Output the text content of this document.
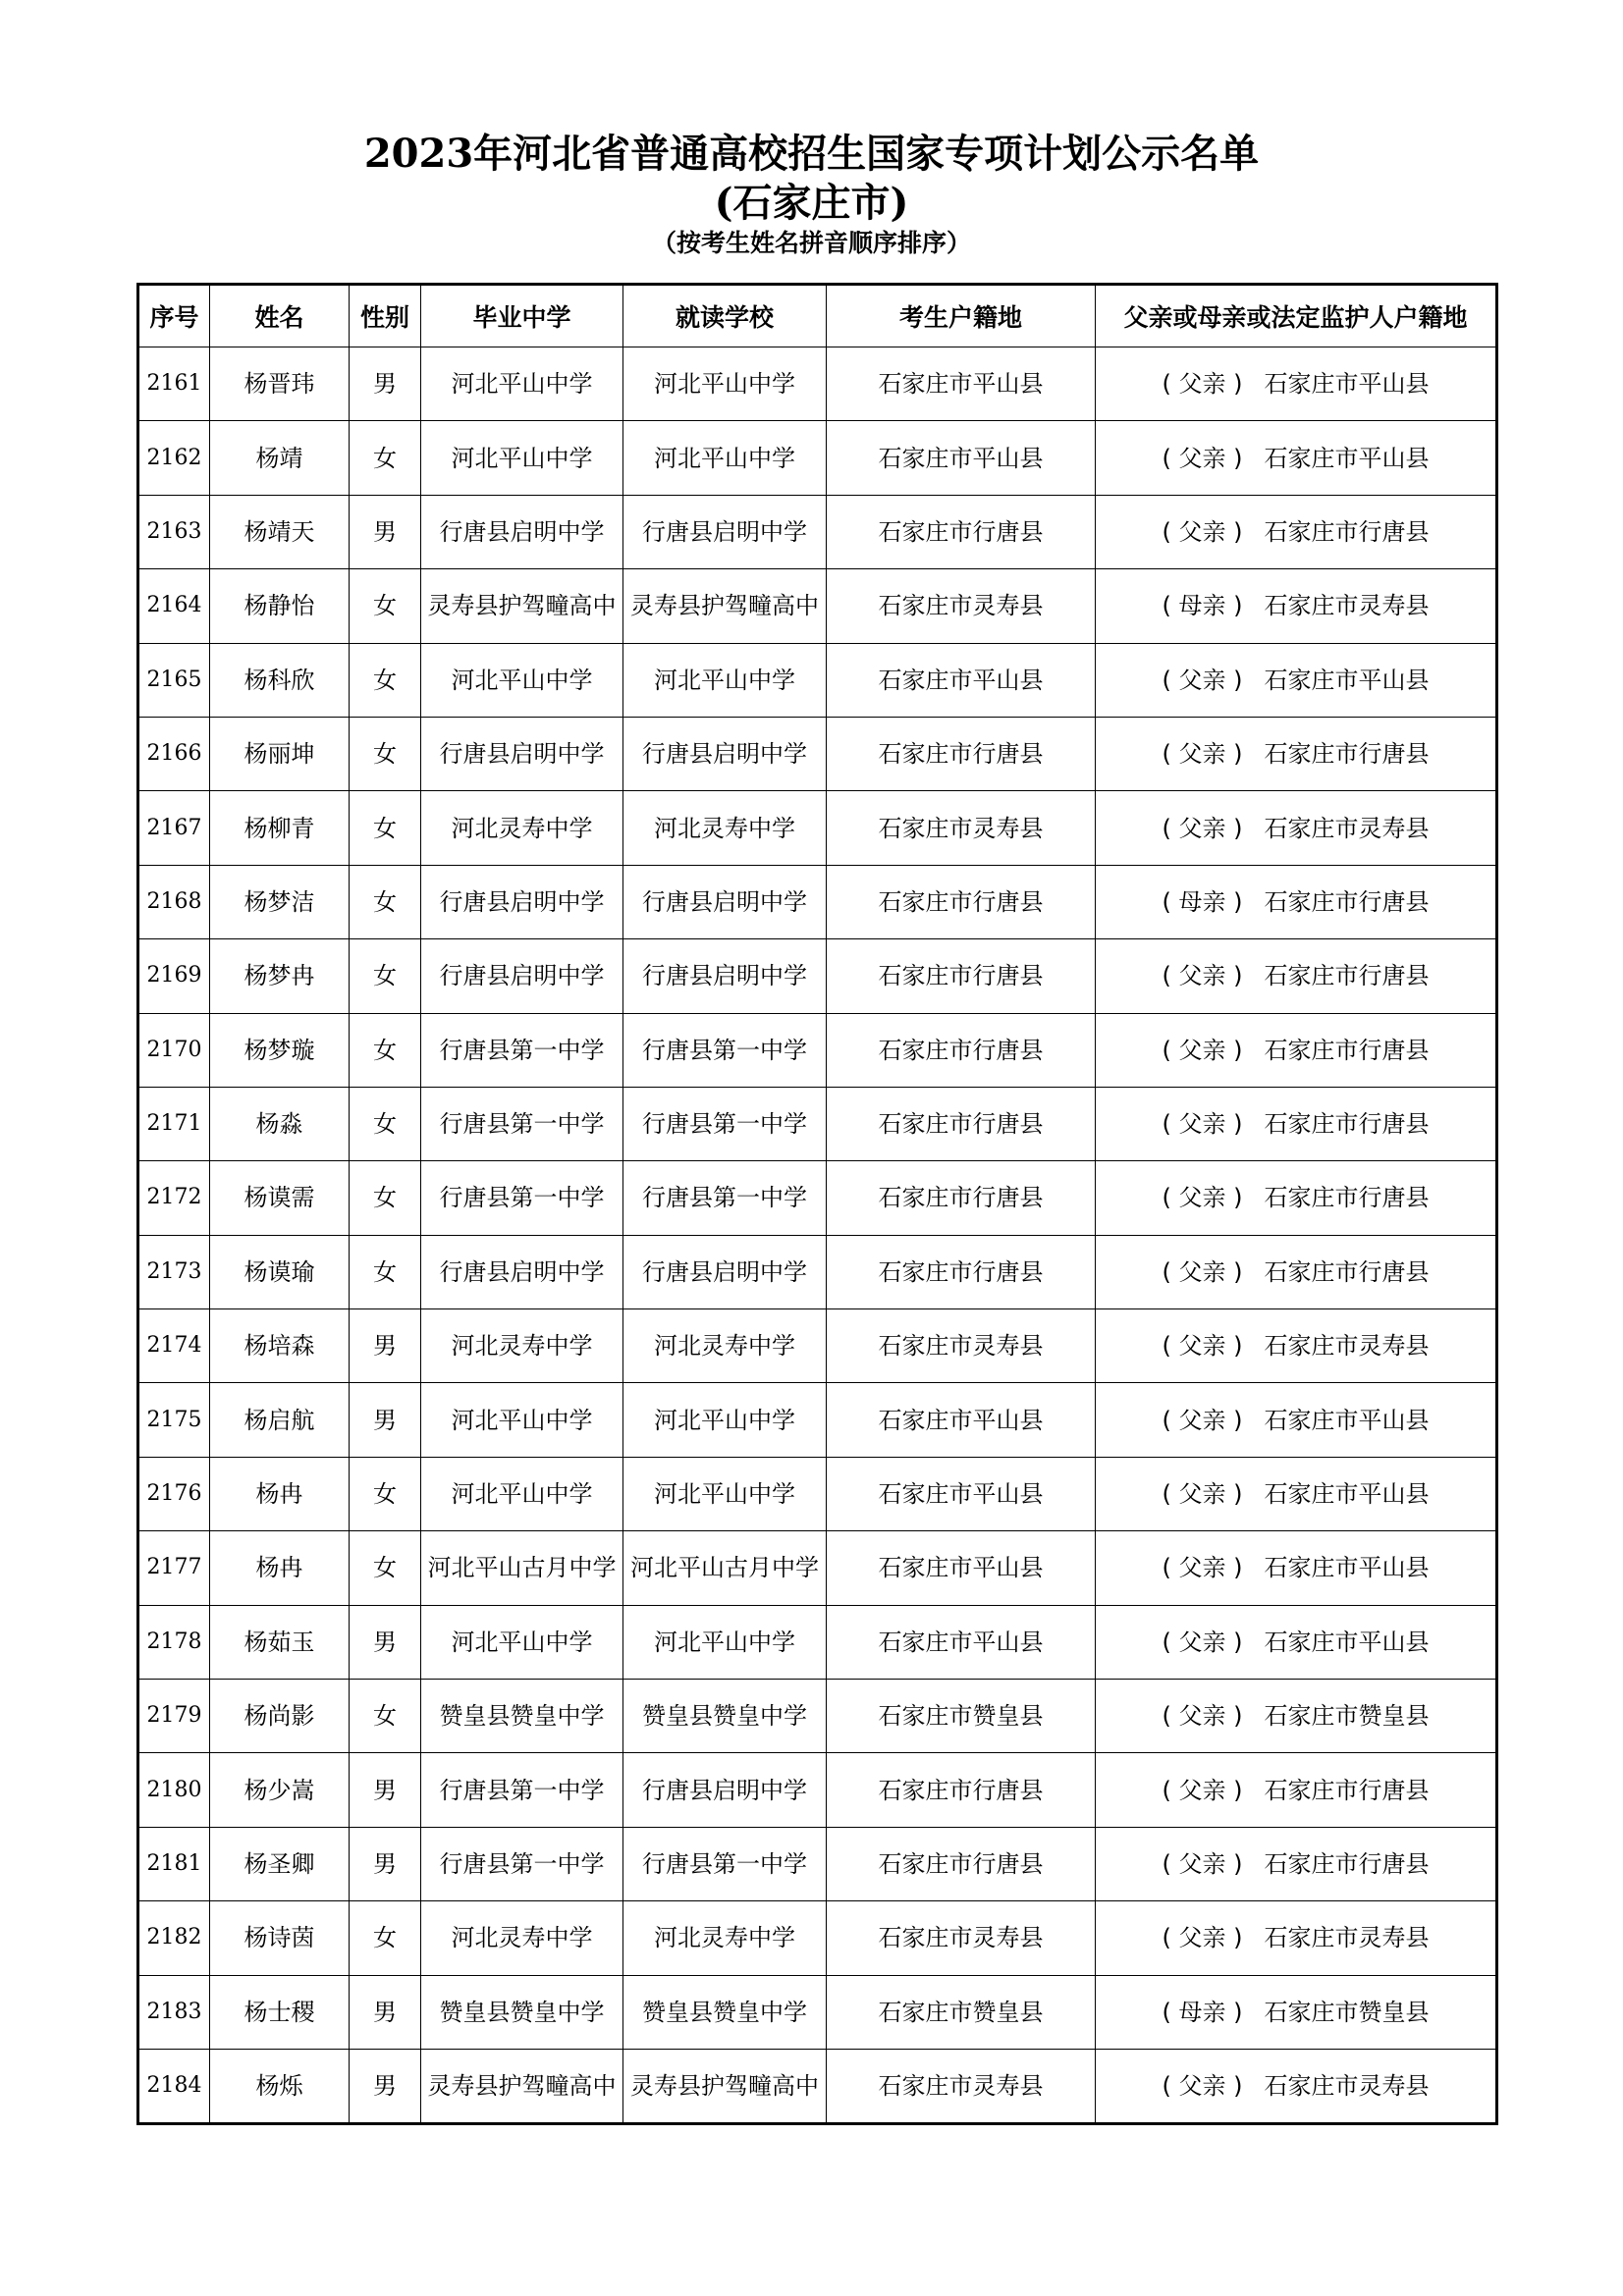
2023年河北省普通高校招生国家专项计划公示名单
(石家庄市)
（按考生姓名拼音顺序排序）
序号	姓名	性别	毕业中学	就读学校	考生户籍地	父亲或母亲或法定监护人户籍地
2161	杨晋玮	男	河北平山中学	河北平山中学	石家庄市平山县	( 父亲 ) 石家庄市平山县
2162	杨靖	女	河北平山中学	河北平山中学	石家庄市平山县	( 父亲 ) 石家庄市平山县
2163	杨靖天	男	行唐县启明中学	行唐县启明中学	石家庄市行唐县	( 父亲 ) 石家庄市行唐县
2164	杨静怡	女	灵寿县护驾疃高中	灵寿县护驾疃高中	石家庄市灵寿县	( 母亲 ) 石家庄市灵寿县
2165	杨科欣	女	河北平山中学	河北平山中学	石家庄市平山县	( 父亲 ) 石家庄市平山县
2166	杨丽坤	女	行唐县启明中学	行唐县启明中学	石家庄市行唐县	( 父亲 ) 石家庄市行唐县
2167	杨柳青	女	河北灵寿中学	河北灵寿中学	石家庄市灵寿县	( 父亲 ) 石家庄市灵寿县
2168	杨梦洁	女	行唐县启明中学	行唐县启明中学	石家庄市行唐县	( 母亲 ) 石家庄市行唐县
2169	杨梦冉	女	行唐县启明中学	行唐县启明中学	石家庄市行唐县	( 父亲 ) 石家庄市行唐县
2170	杨梦璇	女	行唐县第一中学	行唐县第一中学	石家庄市行唐县	( 父亲 ) 石家庄市行唐县
2171	杨淼	女	行唐县第一中学	行唐县第一中学	石家庄市行唐县	( 父亲 ) 石家庄市行唐县
2172	杨谟需	女	行唐县第一中学	行唐县第一中学	石家庄市行唐县	( 父亲 ) 石家庄市行唐县
2173	杨谟瑜	女	行唐县启明中学	行唐县启明中学	石家庄市行唐县	( 父亲 ) 石家庄市行唐县
2174	杨培森	男	河北灵寿中学	河北灵寿中学	石家庄市灵寿县	( 父亲 ) 石家庄市灵寿县
2175	杨启航	男	河北平山中学	河北平山中学	石家庄市平山县	( 父亲 ) 石家庄市平山县
2176	杨冉	女	河北平山中学	河北平山中学	石家庄市平山县	( 父亲 ) 石家庄市平山县
2177	杨冉	女	河北平山古月中学	河北平山古月中学	石家庄市平山县	( 父亲 ) 石家庄市平山县
2178	杨茹玉	男	河北平山中学	河北平山中学	石家庄市平山县	( 父亲 ) 石家庄市平山县
2179	杨尚影	女	赞皇县赞皇中学	赞皇县赞皇中学	石家庄市赞皇县	( 父亲 ) 石家庄市赞皇县
2180	杨少嵩	男	行唐县第一中学	行唐县启明中学	石家庄市行唐县	( 父亲 ) 石家庄市行唐县
2181	杨圣卿	男	行唐县第一中学	行唐县第一中学	石家庄市行唐县	( 父亲 ) 石家庄市行唐县
2182	杨诗茵	女	河北灵寿中学	河北灵寿中学	石家庄市灵寿县	( 父亲 ) 石家庄市灵寿县
2183	杨士稷	男	赞皇县赞皇中学	赞皇县赞皇中学	石家庄市赞皇县	( 母亲 ) 石家庄市赞皇县
2184	杨烁	男	灵寿县护驾疃高中	灵寿县护驾疃高中	石家庄市灵寿县	( 父亲 ) 石家庄市灵寿县
